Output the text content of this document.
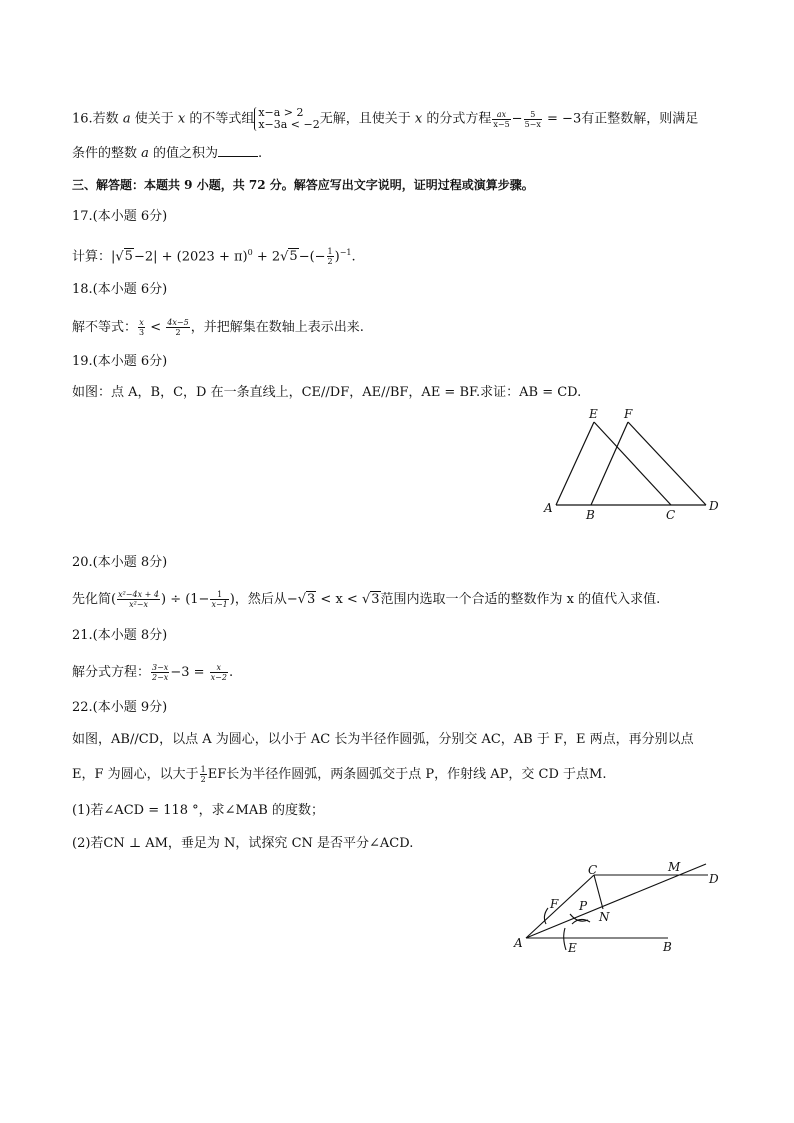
16.若数 a 使关于 x 的不等式组 x−a > 2
x−3a < −2 无解，且使关于 x 的分式方程 $\frac{ax}{x-5} - \frac{5}{5-x} = -3$有正整数解，则满足
条件的整数 a 的值之积为	.
三、解答题：本题共 9 小题，共 72 分。解答应写出文字说明，证明过程或演算步骤。
17.(本小题 6分)
计算：$|√5-2| + (2023 + \pi)^0 + 2√5-(- \frac{1}{2} )^{-1}$.
18.(本小题 6分)
解不等式： $\frac{x}{3} < \frac{4x-5}{2}$ ，并把解集在数轴上表示出来.
19.(本小题 6分)
如图：点 A，B，C，D 在一条直线上，CE//DF，AE//BF，AE = BF.求证：AB = CD.
A	B	C
D
E F
20.(本小题 8分)
先化简( $\frac{\text{x²−4x + 4}}{\text{x²−x}}$ ) ÷ ($1- \frac{1}{x-1}$ )，然后从−√3 < x < √3范围内选取一个合适的整数作为 x 的值代入求值.
21.(本小题 8分)
解分式方程： $\frac{3-x}{2-x} -3 = \frac{x}{x-2}$ .
22.(本小题 9分)
如图，AB//CD，以点 A 为圆心，以小于 AC 长为半径作圆弧，分别交 AC，AB 于 F，E 两点，再分别以点
E，F 为圆心，以大于 $\frac{1}{2}$ EF长为半径作圆弧，两条圆弧交于点 P，作射线 AP，交 CD 于点M.
(1)若∠ACD = 118 °，求∠MAB 的度数；
(2)若CN ⊥ AM，垂足为 N，试探究 CN 是否平分∠ACD.
C	M
D
F P
N
A	E	B
